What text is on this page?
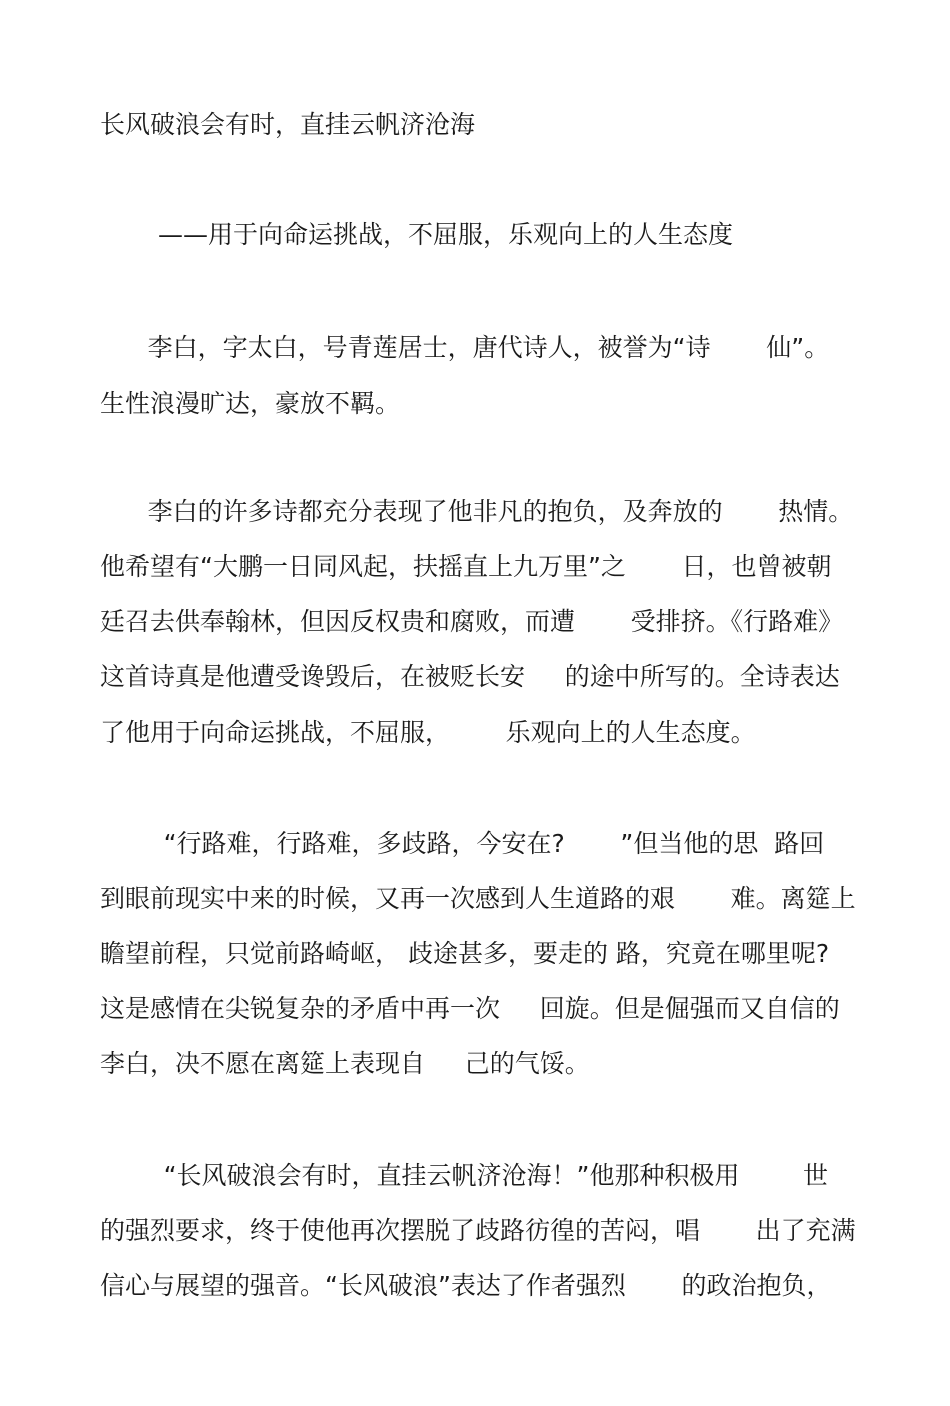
长风破浪会有时，直挂云帆济沧海
——用于向命运挑战，不屈服，乐观向上的人生态度
李白，字太白，号青莲居士，唐代诗人，被誉为“诗       仙”。
生性浪漫旷达，豪放不羁。
李白的许多诗都充分表现了他非凡的抱负，及奔放的       热情。
他希望有“大鹏一日同风起，扶摇直上九万里”之       日，也曾被朝
廷召去供奉翰林，但因反权贵和腐败，而遭       受排挤。《行路难》
这首诗真是他遭受谗毁后，在被贬长安     的途中所写的。全诗表达
了他用于向命运挑战，不屈服，       乐观向上的人生态度。
“行路难，行路难，多歧路，今安在?       ”但当他的思  路回
到眼前现实中来的时候，又再一次感到人生道路的艰       难。离筵上
瞻望前程，只觉前路崎岖， 歧途甚多，要走的 路，究竟在哪里呢?
这是感情在尖锐复杂的矛盾中再一次     回旋。但是倔强而又自信的
李白，决不愿在离筵上表现自     己的气馁。
“长风破浪会有时，直挂云帆济沧海！”他那种积极用        世
的强烈要求，终于使他再次摆脱了歧路彷徨的苦闷，唱       出了充满
信心与展望的强音。“长风破浪”表达了作者强烈       的政治抱负，
